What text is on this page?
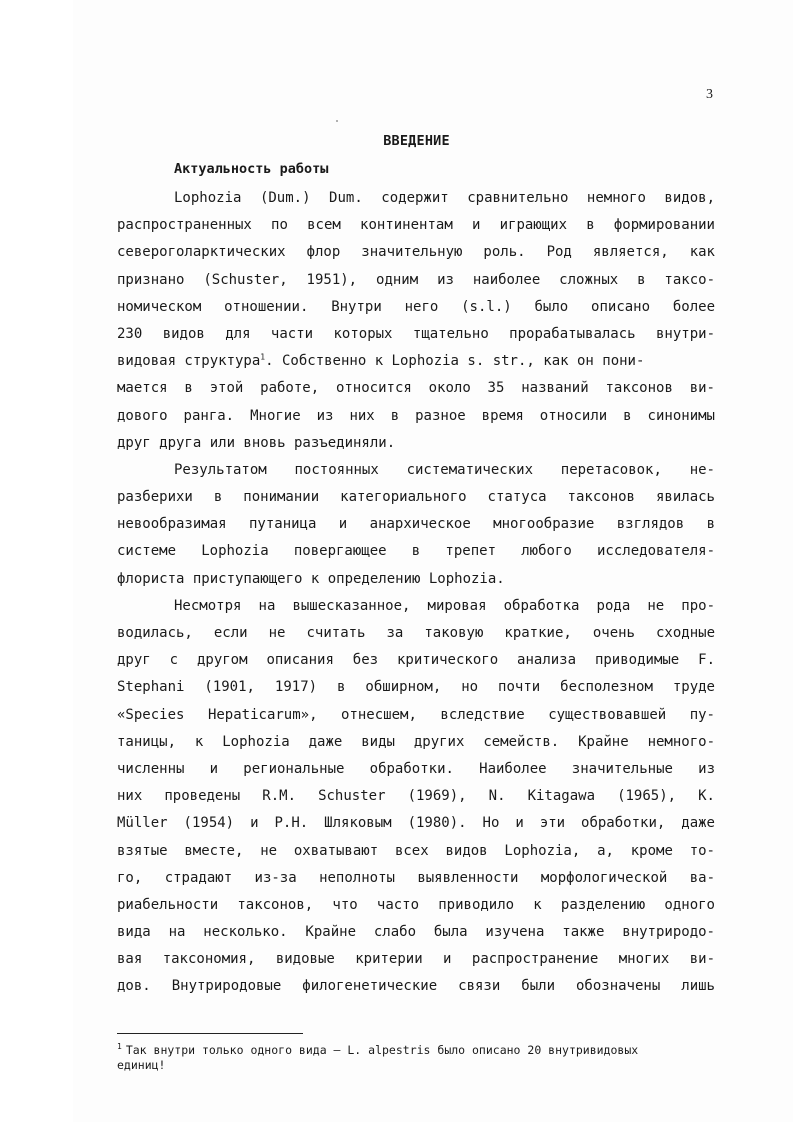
3
ВВЕДЕНИЕ
Актуальность работы
Lophozia (Dum.) Dum. содержит сравнительно немного видов,
распространенных по всем континентам и играющих в формировании
североголарктических флор значительную роль. Род является, как
признано (Schuster, 1951), одним из наиболее сложных в таксо-
номическом отношении. Внутри него (s.l.) было описано более
230 видов для части которых тщательно прорабатывалась внутри-
видовая структура$^1$. Собственно к Lophozia s. str., как он пони-
мается в этой работе, относится около 35 названий таксонов ви-
дового ранга. Многие из них в разное время относили в синонимы
друг друга или вновь разъединяли.
Результатом постоянных систематических перетасовок, не-
разберихи в понимании категориального статуса таксонов явилась
невообразимая путаница и анархическое многообразие взглядов в
системе Lophozia повергающее в трепет любого исследователя-
флориста приступающего к определению Lophozia.
Несмотря на вышесказанное, мировая обработка рода не про-
водилась, если не считать за таковую краткие, очень сходные
друг с другом описания без критического анализа приводимые F.
Stephani (1901, 1917) в обширном, но почти бесполезном труде
«Species Hepaticarum», отнесшем, вследствие существовавшей пу-
таницы, к Lophozia даже виды других семейств. Крайне немного-
численны и региональные обработки. Наиболее значительные из
них проведены R.M. Schuster (1969), N. Kitagawa (1965), K.
Müller (1954) и Р.Н. Шляковым (1980). Но и эти обработки, даже
взятые вместе, не охватывают всех видов Lophozia, а, кроме то-
го, страдают из-за неполноты выявленности морфологической ва-
риабельности таксонов, что часто приводило к разделению одного
вида на несколько. Крайне слабо была изучена также внутриродо-
вая таксономия, видовые критерии и распространение многих ви-
дов. Внутриродовые филогенетические связи были обозначены лишь
$^1$ Так внутри только одного вида – L. alpestris было описано 20 внутривидовых
единиц!
